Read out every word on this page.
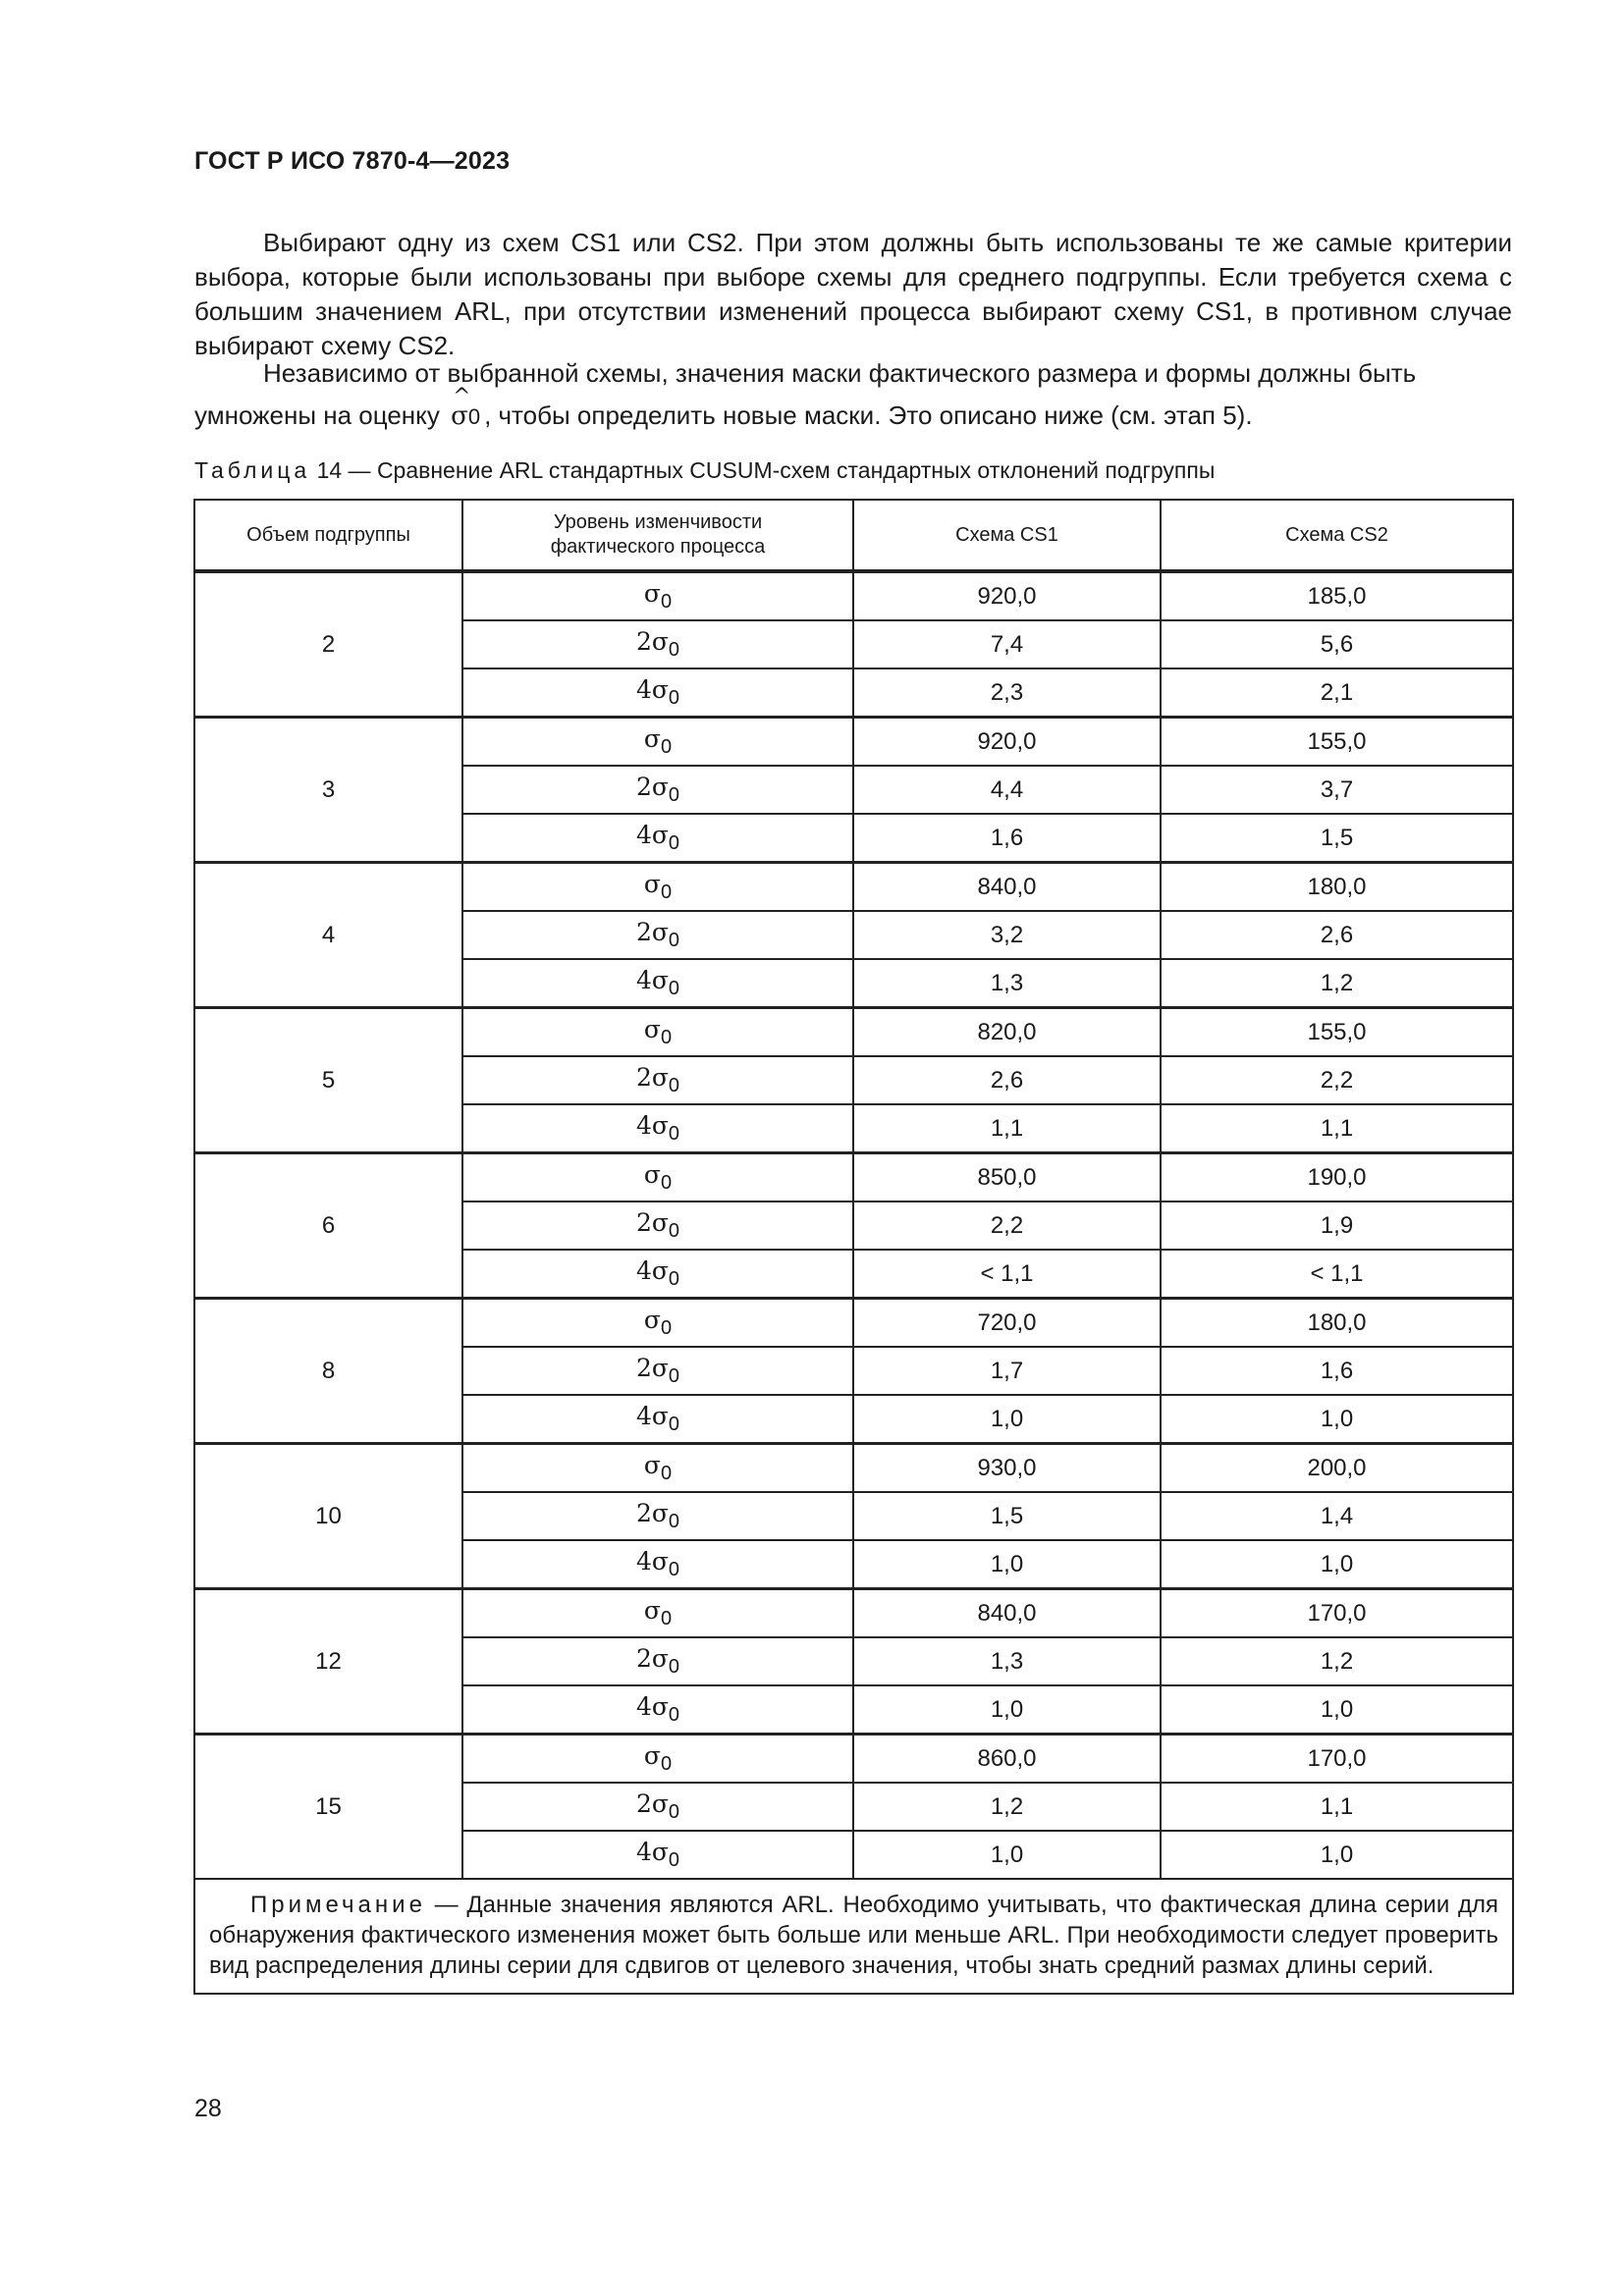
ГОСТ Р ИСО 7870-4—2023

Выбирают одну из схем CS1 или CS2. При этом должны быть использованы те же самые критерии выбора, которые были использованы при выборе схемы для среднего подгруппы. Если требуется схема с большим значением ARL, при отсутствии изменений процесса выбирают схему CS1, в противном случае выбирают схему CS2.

Независимо от выбранной схемы, значения маски фактического размера и формы должны быть
умножены на оценку
^
σ0 , чтобы определить новые маски. Это описано ниже (см. этап 5).

Таблица 14 — Сравнение ARL стандартных CUSUM-схем стандартных отклонений подгруппы
Объем подгруппы	Уровень изменчивости фактического процесса	Схема CS1	Схема CS2
2	$\sigma_0$	920,0	185,0
	$2\sigma_0$	7,4	5,6
	$4\sigma_0$	2,3	2,1
3	$\sigma_0$	920,0	155,0
	$2\sigma_0$	4,4	3,7
	$4\sigma_0$	1,6	1,5
4	$\sigma_0$	840,0	180,0
	$2\sigma_0$	3,2	2,6
	$4\sigma_0$	1,3	1,2
5	$\sigma_0$	820,0	155,0
	$2\sigma_0$	2,6	2,2
	$4\sigma_0$	1,1	1,1
6	$\sigma_0$	850,0	190,0
	$2\sigma_0$	2,2	1,9
	$4\sigma_0$	< 1,1	< 1,1
8	$\sigma_0$	720,0	180,0
	$2\sigma_0$	1,7	1,6
	$4\sigma_0$	1,0	1,0
10	$\sigma_0$	930,0	200,0
	$2\sigma_0$	1,5	1,4
	$4\sigma_0$	1,0	1,0
12	$\sigma_0$	840,0	170,0
	$2\sigma_0$	1,3	1,2
	$4\sigma_0$	1,0	1,0
15	$\sigma_0$	860,0	170,0
	$2\sigma_0$	1,2	1,1
	$4\sigma_0$	1,0	1,0
Примечание — Данные значения являются ARL. Необходимо учитывать, что фактическая длина серии для обнаружения фактического изменения может быть больше или меньше ARL. При необходимости следует проверить вид распределения длины серии для сдвигов от целевого значения, чтобы знать средний размах длины серий.			
28
